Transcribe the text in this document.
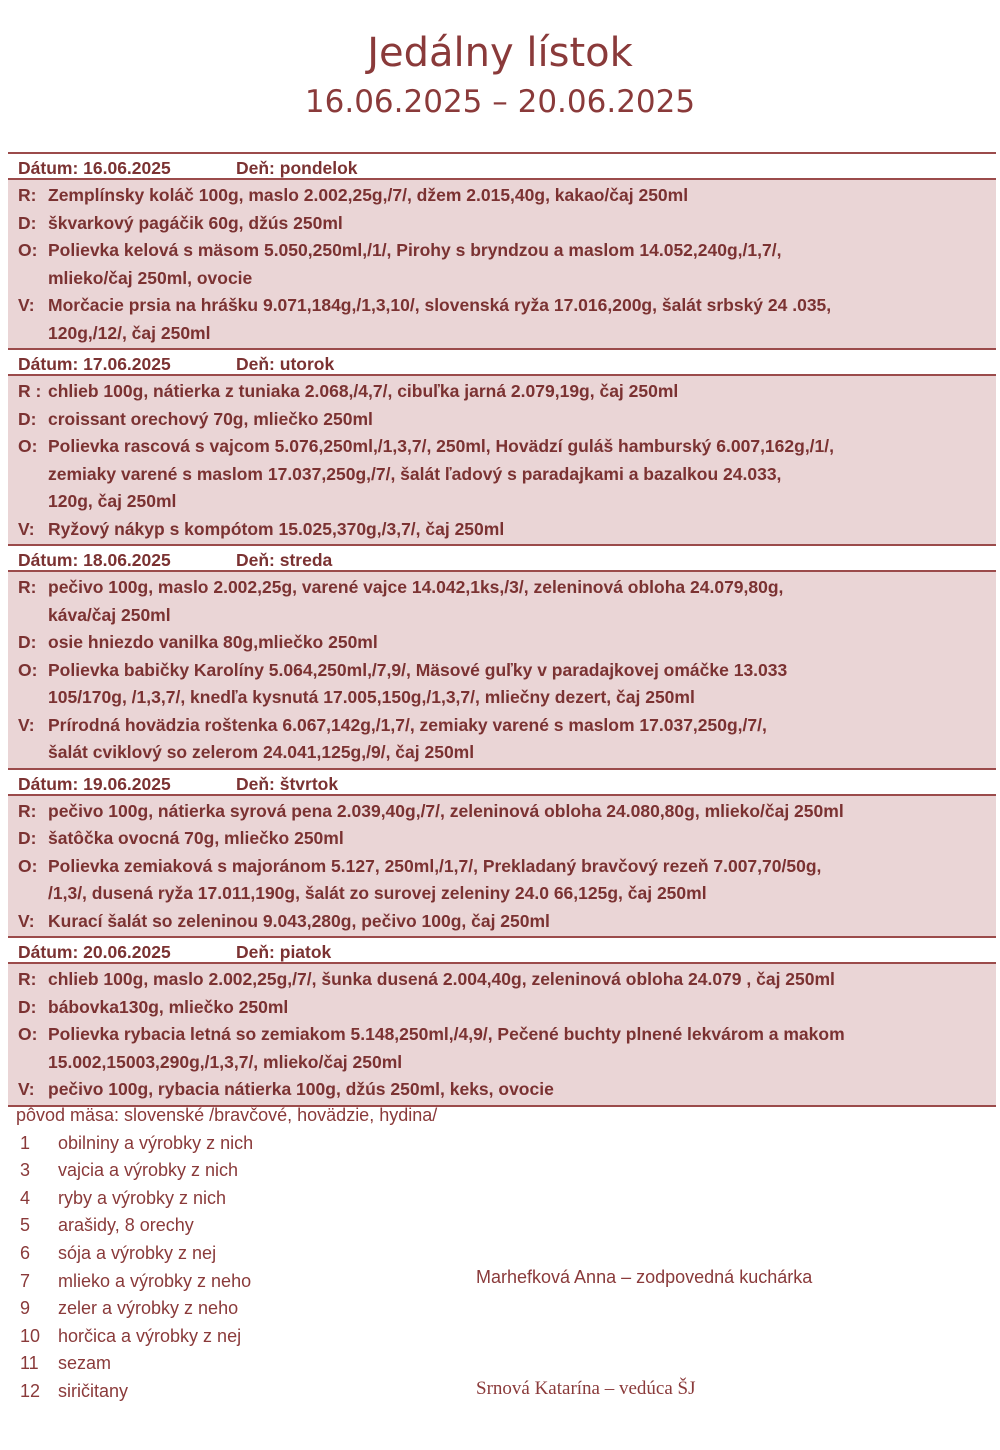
Jedálny lístok
16.06.2025 – 20.06.2025
Dátum: 16.06.2025	Deň: pondelok
R: Zemplínsky koláč 100g, maslo 2.002,25g,/7/, džem 2.015,40g, kakao/čaj 250ml
D: škvarkový pagáčik 60g, džús 250ml
O: Polievka kelová s mäsom 5.050,250ml,/1/, Pirohy s bryndzou a maslom 14.052,240g,/1,7/,
mlieko/čaj 250ml, ovocie
V: Morčacie prsia na hrášku 9.071,184g,/1,3,10/, slovenská ryža 17.016,200g, šalát srbský 24 .035,
120g,/12/, čaj 250ml
Dátum: 17.06.2025	Deň: utorok
R : chlieb 100g, nátierka z tuniaka 2.068,/4,7/, cibuľka jarná 2.079,19g, čaj 250ml
D: croissant orechový 70g, mliečko 250ml
O: Polievka rascová s vajcom 5.076,250ml,/1,3,7/, 250ml, Hovädzí guláš hamburský 6.007,162g,/1/,
zemiaky varené s maslom 17.037,250g,/7/, šalát ľadový s paradajkami a bazalkou 24.033,
120g, čaj 250ml
V: Ryžový nákyp s kompótom 15.025,370g,/3,7/, čaj 250ml
Dátum: 18.06.2025	Deň: streda
R: pečivo 100g, maslo 2.002,25g, varené vajce 14.042,1ks,/3/, zeleninová obloha 24.079,80g,
káva/čaj 250ml
D: osie hniezdo vanilka 80g,mliečko 250ml
O: Polievka babičky Karolíny 5.064,250ml,/7,9/, Mäsové guľky v paradajkovej omáčke 13.033
105/170g, /1,3,7/, knedľa kysnutá 17.005,150g,/1,3,7/, mliečny dezert, čaj 250ml
V: Prírodná hovädzia roštenka 6.067,142g,/1,7/, zemiaky varené s maslom 17.037,250g,/7/,
šalát cviklový so zelerom 24.041,125g,/9/, čaj 250ml
Dátum: 19.06.2025	Deň: štvrtok
R: pečivo 100g, nátierka syrová pena 2.039,40g,/7/, zeleninová obloha 24.080,80g, mlieko/čaj 250ml
D: šatôčka ovocná 70g, mliečko 250ml
O: Polievka zemiaková s majoránom 5.127, 250ml,/1,7/, Prekladaný bravčový rezeň 7.007,70/50g,
/1,3/, dusená ryža 17.011,190g, šalát zo surovej zeleniny 24.0 66,125g, čaj 250ml
V: Kurací šalát so zeleninou 9.043,280g, pečivo 100g, čaj 250ml
Dátum: 20.06.2025	Deň: piatok
R: chlieb 100g, maslo 2.002,25g,/7/, šunka dusená 2.004,40g, zeleninová obloha 24.079 , čaj 250ml
D: bábovka130g, mliečko 250ml
O: Polievka rybacia letná so zemiakom 5.148,250ml,/4,9/, Pečené buchty plnené lekvárom a makom
15.002,15003,290g,/1,3,7/, mlieko/čaj 250ml
V: pečivo 100g, rybacia nátierka 100g, džús 250ml, keks, ovocie
pôvod mäsa: slovenské /bravčové, hovädzie, hydina/
1	obilniny a výrobky z nich
3	vajcia a výrobky z nich
4	ryby a výrobky z nich
5	arašidy, 8 orechy
6	sója a výrobky z nej
7	mlieko a výrobky z neho
9	zeler a výrobky z neho
10 horčica a výrobky z nej
11	sezam
12 siričitany
Marhefková Anna – zodpovedná kuchárka
Srnová Katarína – vedúca ŠJ
